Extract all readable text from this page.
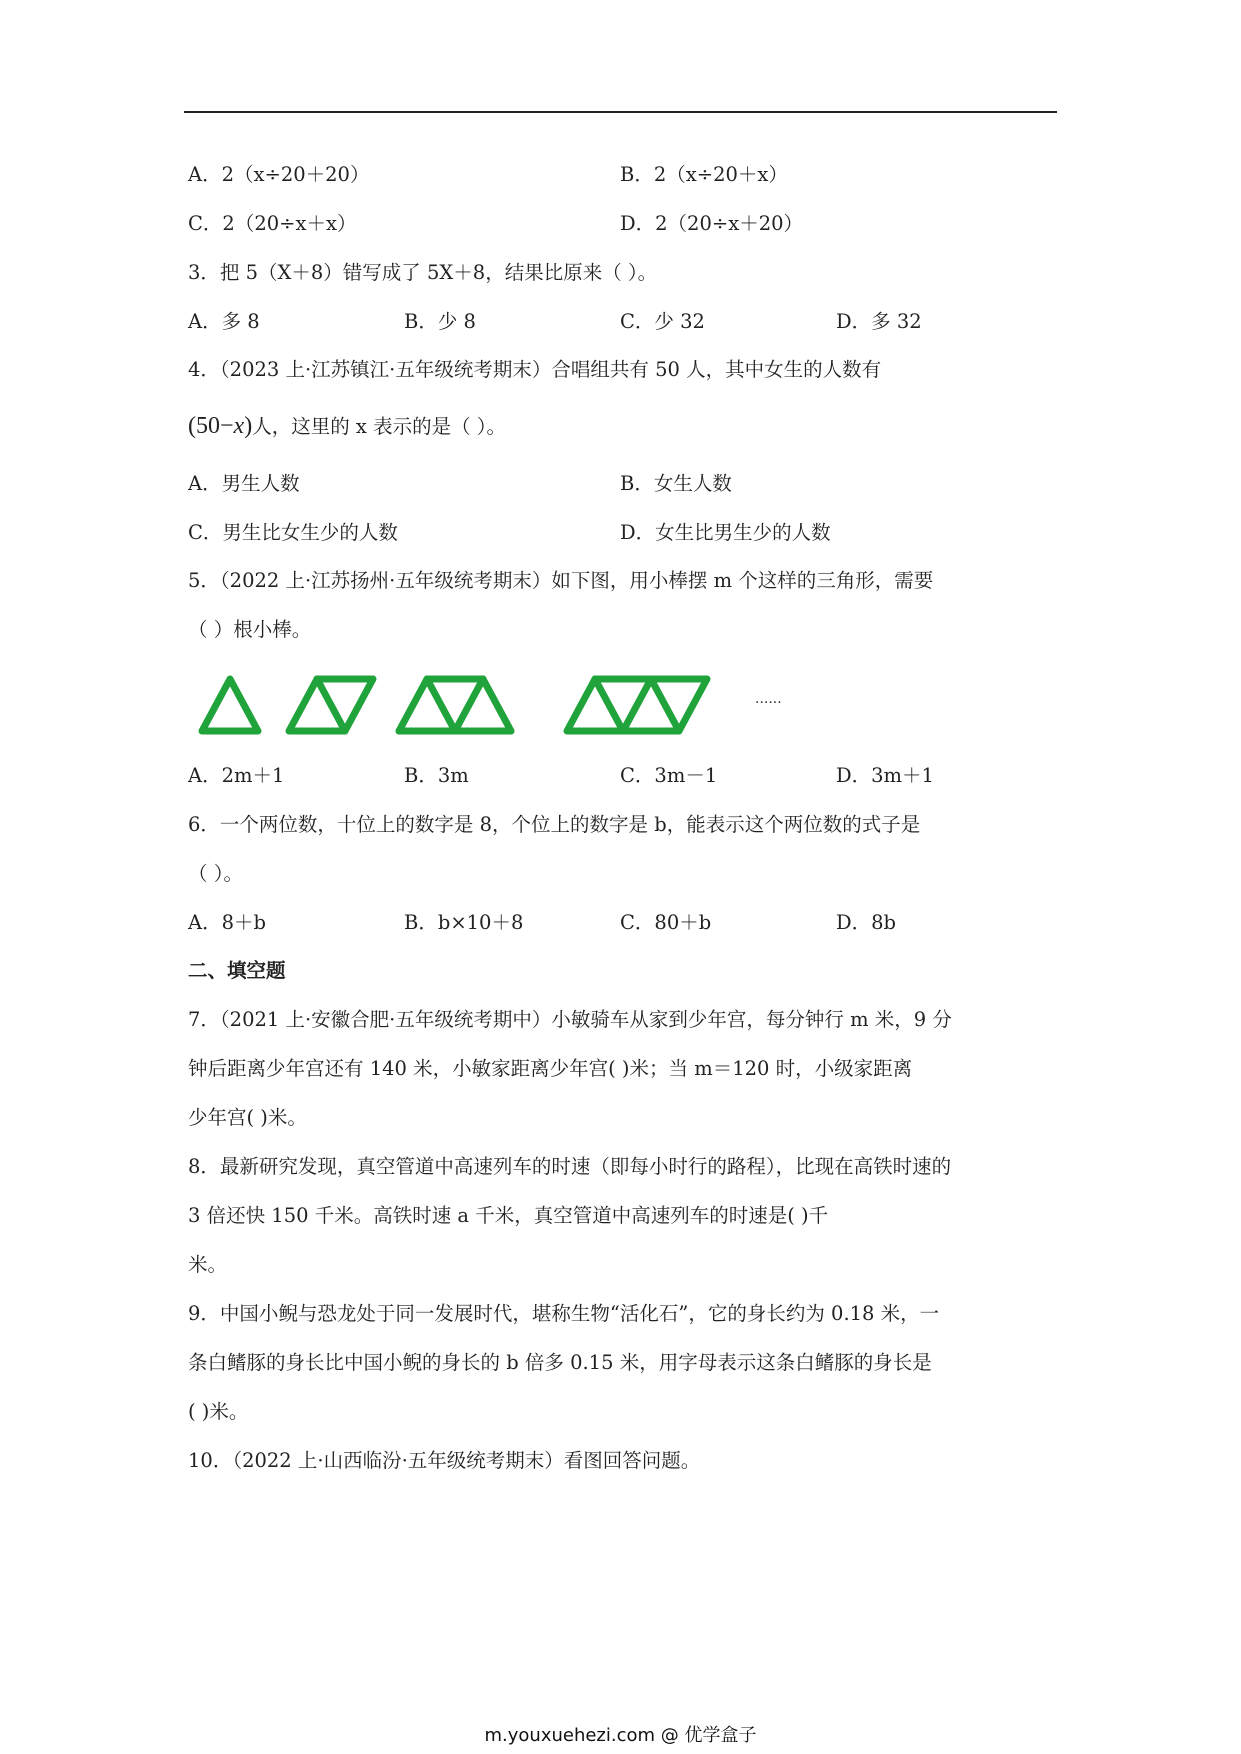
A．2（x÷20＋20）	B．2（x÷20＋x）
C．2（20÷x＋x）	D．2（20÷x＋20）
3．把 5（X＋8）错写成了 5X＋8，结果比原来（ ）。
A．多 8	B．少 8	C．少 32	D．多 32
4．（2023 上·江苏镇江·五年级统考期末）合唱组共有 50 人，其中女生的人数有
(50−x)人，这里的 x 表示的是（ ）。
A．男生人数	B．女生人数
C．男生比女生少的人数	D．女生比男生少的人数
5．（2022 上·江苏扬州·五年级统考期末）如下图，用小棒摆 m 个这样的三角形，需要
（ ）根小棒。
······
A．2m＋1	B．3m	C．3m－1	D．3m＋1
6．一个两位数，十位上的数字是 8，个位上的数字是 b，能表示这个两位数的式子是
（ ）。
A．8＋b	B．b×10＋8	C．80＋b	D．8b
二、填空题
7．（2021 上·安徽合肥·五年级统考期中）小敏骑车从家到少年宫，每分钟行 m 米，9 分
钟后距离少年宫还有 140 米，小敏家距离少年宫( )米；当 m＝120 时，小级家距离
少年宫( )米。
8．最新研究发现，真空管道中高速列车的时速（即每小时行的路程），比现在高铁时速的
3 倍还快 150 千米。高铁时速 a 千米，真空管道中高速列车的时速是( )千
米。
9．中国小鲵与恐龙处于同一发展时代，堪称生物“活化石”，它的身长约为 0.18 米，一
条白鳍豚的身长比中国小鲵的身长的 b 倍多 0.15 米，用字母表示这条白鳍豚的身长是
( )米。
10．（2022 上·山西临汾·五年级统考期末）看图回答问题。
m.youxuehezi.com @ 优学盒子
